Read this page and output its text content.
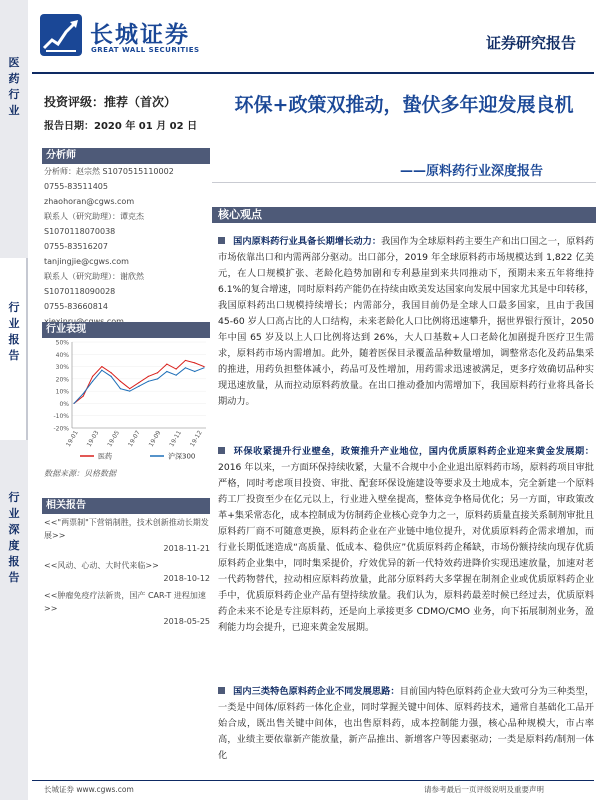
医
药
行
业
行
业
报
告
行
业
深
度
报
告
长城证券
GREAT WALL SECURITIES	证券研究报告
投资评级：推荐（首次）
报告日期：2020 年 01 月 02 日
分析师
分析师：赵宗然 S1070515110002
0755-83511405
zhaohoran@cgws.com
联系人（研究助理）：谭克杰
S1070118070038
0755-83516207
tanjingjie@cgws.com
联系人（研究助理）：谢欣然
S1070118090028
0755-83660814
行业表现
50%
40%
30%
20%
10%
0%
-10%
-20%
19-01 19-03 19-05 19-07 19-09 19-11 19-12
医药	沪深300
数据来源：贝格数据
相关报告
<<"两票制"下营销制胜，技术创新推动长期发展>>
2018-11-21
<<风动、心动、大时代来临>>
2018-10-12
<<肿瘤免疫疗法新贵，国产 CAR-T 进程加速>>
2018-05-25
环保+政策双推动，蛰伏多年迎发展良机
——原料药行业深度报告
核心观点
国内原料药行业具备长期增长动力：我国作为全球原料药主要生产和出口国之一，原料药市场依靠出口和内需两部分驱动。出口部分，2019 年全球原料药市场规模达到 1,822 亿美元，在人口规模扩张、老龄化趋势加剧和专利悬崖到来共同推动下，预期未来五年将维持 6.1%的复合增速，同时原料药产能仍在持续由欧美发达国家向发展中国家尤其是中印转移，我国原料药出口规模持续增长；内需部分，我国目前仍是全球人口最多国家，且由于我国 45-60 岁人口高占比的人口结构，未来老龄化人口比例将迅速攀升，据世界银行预计，2050 年中国 65 岁及以上人口比例将达到 26%，大人口基数+人口老龄化加剧提升医疗卫生需求，原料药市场内需增加。此外，随着医保目录覆盖品种数量增加，调整常态化及药品集采的推进，用药负担整体减小，药品可及性增加，用药需求迅速被满足，更多疗效确切品种实现迅速放量，从而拉动原料药放量。在出口推动叠加内需增加下，我国原料药行业将具备长期动力。
环保收紧提升行业壁垒，政策推升产业地位，国内优质原料药企业迎来黄金发展期：2016 年以来，一方面环保持续收紧，大量不合规中小企业退出原料药市场，原料药项目审批严格，同时考虑项目投资、审批、配套环保设施建设等要求及土地成本，完全新建一个原料药工厂投资至少在亿元以上，行业进入壁垒提高，整体竞争格局优化；另一方面，审政策改革+集采常态化，成本控制成为仿制药企业核心竞争力之一，原料药质量直接关系制剂审批且原料药厂商不可随意更换，原料药企业在产业链中地位提升，对优质原料药企需求增加，而行业长期低迷造成“高质量、低成本、稳供应”优质原料药企稀缺，市场份额持续向现存优质原料药企业集中，同时集采提价，疗效优异的新一代特效药进降价实现迅速放量，加速对老一代药物替代，拉动相应原料药放量，此部分原料药大多掌握在制剂企业或优质原料药企业手中，优质原料药企业产品有望持续放量。我们认为，原料药最差时候已经过去，优质原料药企未来不论是专注原料药，还是向上承接更多 CDMO/CMO 业务，向下拓展制剂业务，盈利能力均会提升，已迎来黄金发展期。
国内三类特色原料药企业不同发展思路：目前国内特色原料药企业大致可分为三种类型，一类是中间体/原料药一体化企业，同时掌握关键中间体、原料药技术，通常自基础化工品开始合成，既出售关键中间体，也出售原料药，成本控制能力强，核心品种规模大，市占率高，业绩主要依靠新产能放量，新产品推出、新增客户等因素驱动；一类是原料药/制剂一体化
长城证券 www.cgws.com	请参考最后一页评级说明及重要声明
